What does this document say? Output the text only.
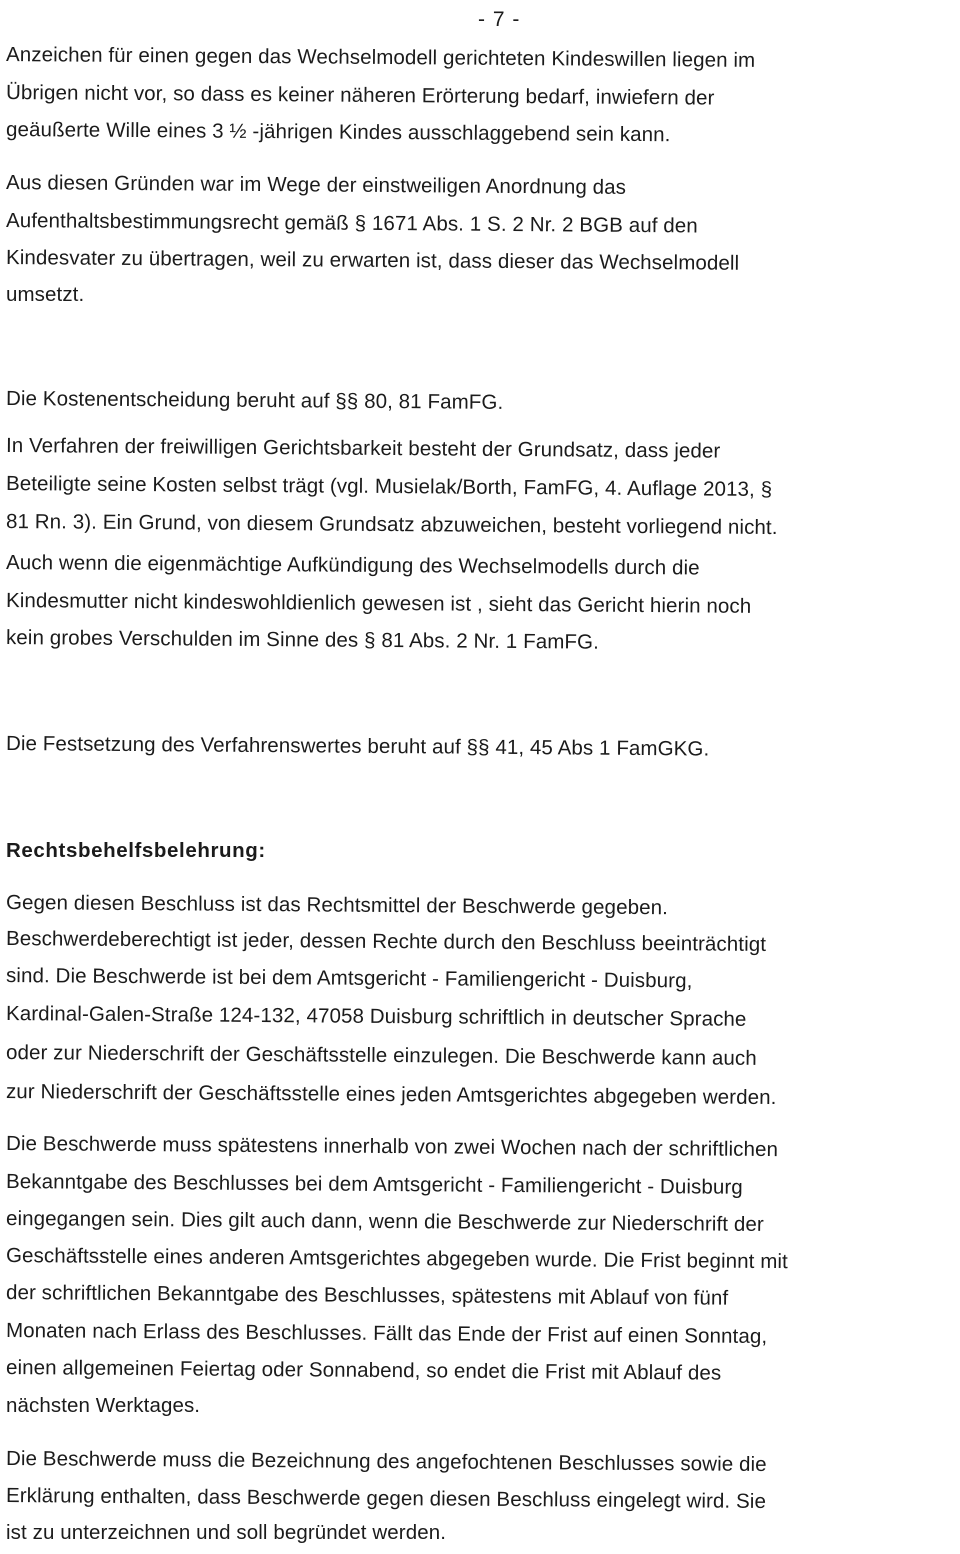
- 7 -
Anzeichen für einen gegen das Wechselmodell gerichteten Kindeswillen liegen im
Übrigen nicht vor, so dass es keiner näheren Erörterung bedarf, inwiefern der
geäußerte Wille eines 3 ½ -jährigen Kindes ausschlaggebend sein kann.
Aus diesen Gründen war im Wege der einstweiligen Anordnung das
Aufenthaltsbestimmungsrecht gemäß § 1671 Abs. 1 S. 2 Nr. 2 BGB auf den
Kindesvater zu übertragen, weil zu erwarten ist, dass dieser das Wechselmodell
umsetzt.
Die Kostenentscheidung beruht auf §§ 80, 81 FamFG.
In Verfahren der freiwilligen Gerichtsbarkeit besteht der Grundsatz, dass jeder
Beteiligte seine Kosten selbst trägt (vgl. Musielak/Borth, FamFG, 4. Auflage 2013, §
81 Rn. 3). Ein Grund, von diesem Grundsatz abzuweichen, besteht vorliegend nicht.
Auch wenn die eigenmächtige Aufkündigung des Wechselmodells durch die
Kindesmutter nicht kindeswohldienlich gewesen ist , sieht das Gericht hierin noch
kein grobes Verschulden im Sinne des § 81 Abs. 2 Nr. 1 FamFG.
Die Festsetzung des Verfahrenswertes beruht auf §§ 41, 45 Abs 1 FamGKG.
Rechtsbehelfsbelehrung:
Gegen diesen Beschluss ist das Rechtsmittel der Beschwerde gegeben.
Beschwerdeberechtigt ist jeder, dessen Rechte durch den Beschluss beeinträchtigt
sind. Die Beschwerde ist bei dem Amtsgericht - Familiengericht - Duisburg,
Kardinal-Galen-Straße 124-132, 47058 Duisburg schriftlich in deutscher Sprache
oder zur Niederschrift der Geschäftsstelle einzulegen. Die Beschwerde kann auch
zur Niederschrift der Geschäftsstelle eines jeden Amtsgerichtes abgegeben werden.
Die Beschwerde muss spätestens innerhalb von zwei Wochen nach der schriftlichen
Bekanntgabe des Beschlusses bei dem Amtsgericht - Familiengericht - Duisburg
eingegangen sein. Dies gilt auch dann, wenn die Beschwerde zur Niederschrift der
Geschäftsstelle eines anderen Amtsgerichtes abgegeben wurde. Die Frist beginnt mit
der schriftlichen Bekanntgabe des Beschlusses, spätestens mit Ablauf von fünf
Monaten nach Erlass des Beschlusses. Fällt das Ende der Frist auf einen Sonntag,
einen allgemeinen Feiertag oder Sonnabend, so endet die Frist mit Ablauf des
nächsten Werktages.
Die Beschwerde muss die Bezeichnung des angefochtenen Beschlusses sowie die
Erklärung enthalten, dass Beschwerde gegen diesen Beschluss eingelegt wird. Sie
ist zu unterzeichnen und soll begründet werden.
